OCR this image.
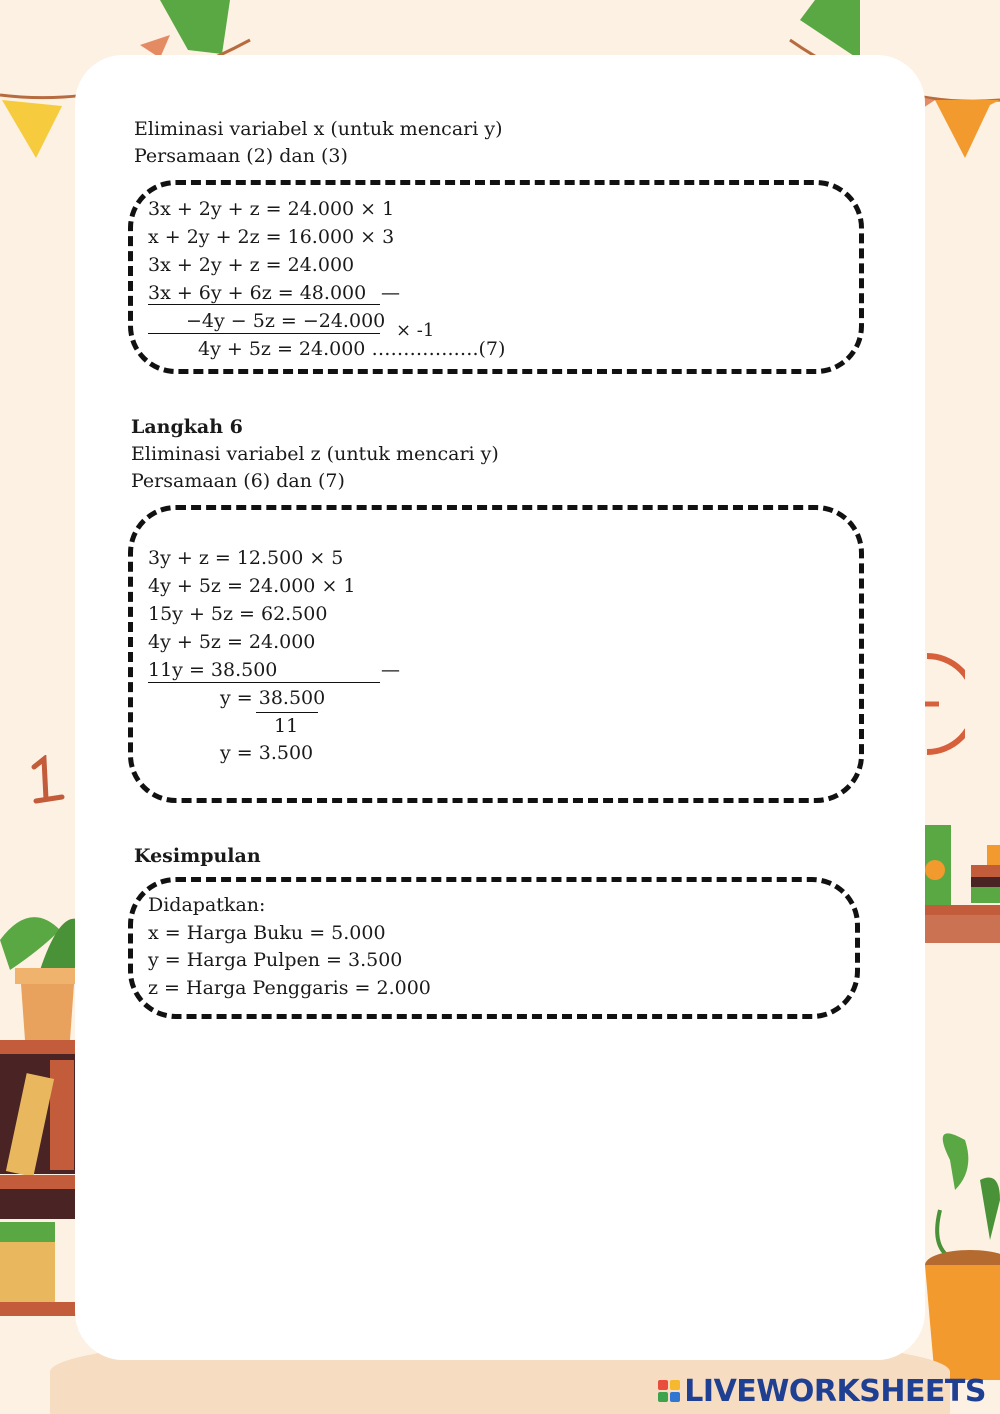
Eliminasi variabel x (untuk mencari y)
Persamaan (2) dan (3)
3x + 2y + z = 24.000 × 1
x + 2y + 2z = 16.000 × 3
3x + 2y + z = 24.000
3x + 6y + 6z = 48.000 —
−4y − 5z = −24.000 × -1
4y + 5z = 24.000 ………….….(7)
Langkah 6
Eliminasi variabel z (untuk mencari y)
Persamaan (6) dan (7)
3y + z = 12.500 × 5
4y + 5z = 24.000 × 1
15y + 5z = 62.500
4y + 5z = 24.000
11y = 38.500	—
y = 38.500
11
y = 3.500
Kesimpulan
Didapatkan:
x = Harga Buku = 5.000
y = Harga Pulpen = 3.500
z = Harga Penggaris = 2.000
LIVEWORKSHEETS
